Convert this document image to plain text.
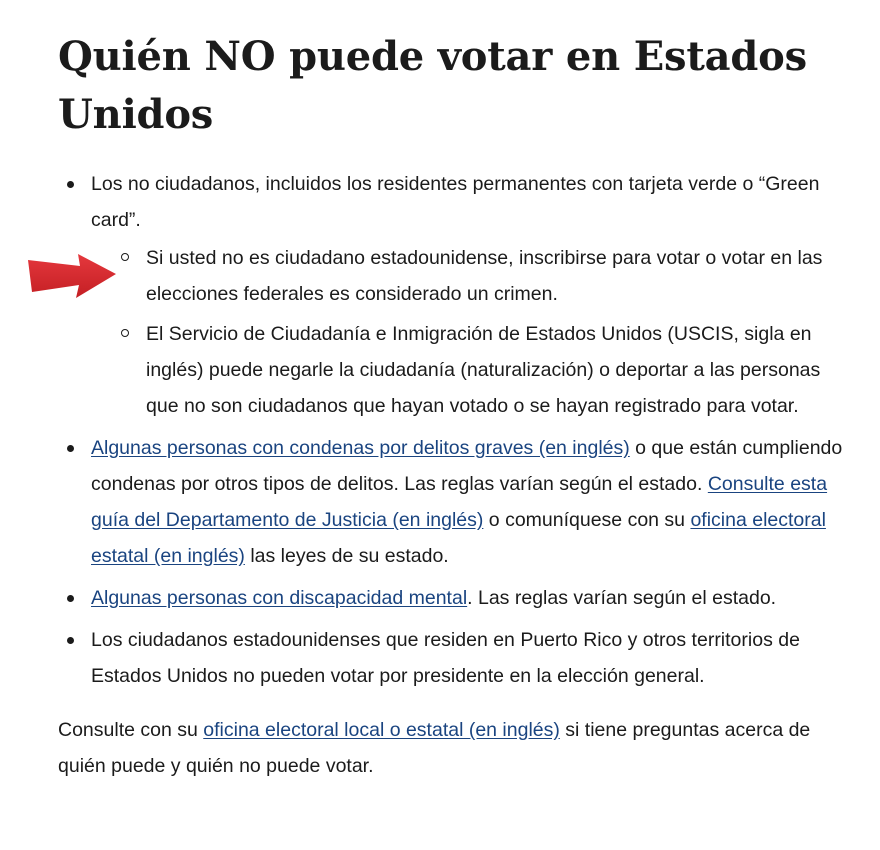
Quién NO puede votar en Estados Unidos
Los no ciudadanos, incluidos los residentes permanentes con tarjeta verde o “Green card”.
Si usted no es ciudadano estadounidense, inscribirse para votar o votar en las elecciones federales es considerado un crimen.
El Servicio de Ciudadanía e Inmigración de Estados Unidos (USCIS, sigla en inglés) puede negarle la ciudadanía (naturalización) o deportar a las personas que no son ciudadanos que hayan votado o se hayan registrado para votar.
Algunas personas con condenas por delitos graves (en inglés) o que están cumpliendo condenas por otros tipos de delitos. Las reglas varían según el estado. Consulte esta guía del Departamento de Justicia (en inglés) o comuníquese con su oficina electoral estatal (en inglés) las leyes de su estado.
Algunas personas con discapacidad mental. Las reglas varían según el estado.
Los ciudadanos estadounidenses que residen en Puerto Rico y otros territorios de Estados Unidos no pueden votar por presidente en la elección general.

Consulte con su oficina electoral local o estatal (en inglés) si tiene preguntas acerca de quién puede y quién no puede votar.
